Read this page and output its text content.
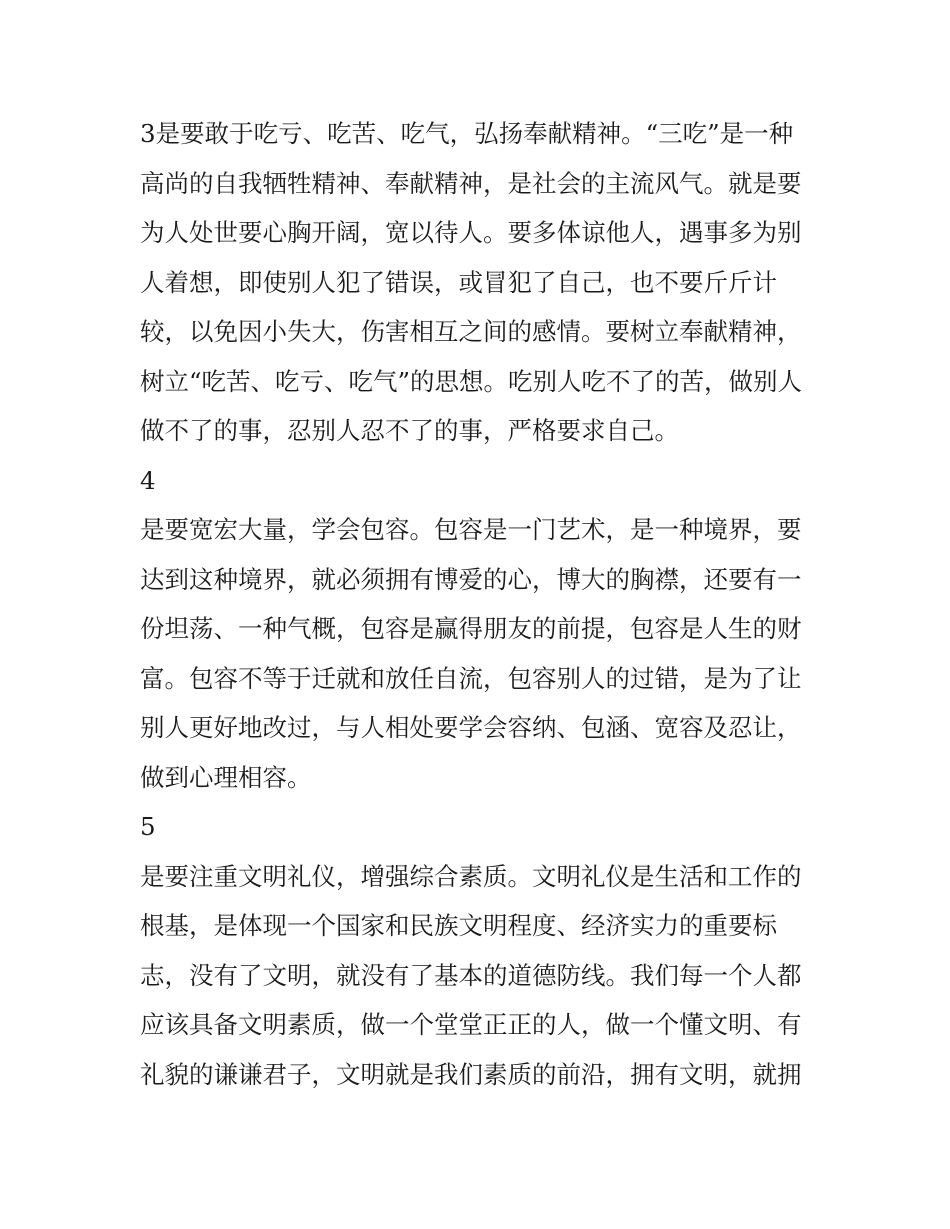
3是要敢于吃亏、吃苦、吃气，弘扬奉献精神。“三吃”是一种
高尚的自我牺牲精神、奉献精神，是社会的主流风气。就是要
为人处世要心胸开阔，宽以待人。要多体谅他人，遇事多为别
人着想，即使别人犯了错误，或冒犯了自己，也不要斤斤计
较，以免因小失大，伤害相互之间的感情。要树立奉献精神，
树立“吃苦、吃亏、吃气”的思想。吃别人吃不了的苦，做别人
做不了的事，忍别人忍不了的事，严格要求自己。
4
是要宽宏大量，学会包容。包容是一门艺术，是一种境界，要
达到这种境界，就必须拥有博爱的心，博大的胸襟，还要有一
份坦荡、一种气概，包容是赢得朋友的前提，包容是人生的财
富。包容不等于迁就和放任自流，包容别人的过错，是为了让
别人更好地改过，与人相处要学会容纳、包涵、宽容及忍让，
做到心理相容。
5
是要注重文明礼仪，增强综合素质。文明礼仪是生活和工作的
根基，是体现一个国家和民族文明程度、经济实力的重要标
志，没有了文明，就没有了基本的道德防线。我们每一个人都
应该具备文明素质，做一个堂堂正正的人，做一个懂文明、有
礼貌的谦谦君子，文明就是我们素质的前沿，拥有文明，就拥
